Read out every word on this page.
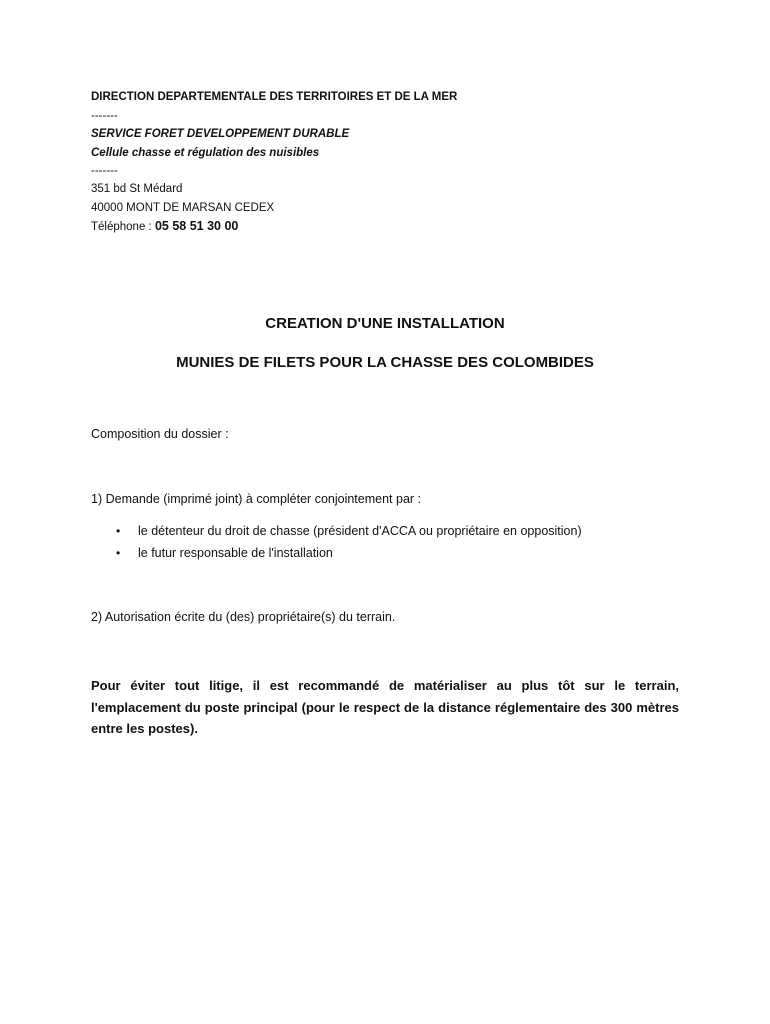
DIRECTION DEPARTEMENTALE DES TERRITOIRES ET DE LA MER
-------
SERVICE FORET DEVELOPPEMENT DURABLE
Cellule chasse et régulation des nuisibles
-------
351 bd St Médard
40000 MONT DE MARSAN CEDEX
Téléphone : 05 58 51 30 00
CREATION D'UNE INSTALLATION
MUNIES DE FILETS POUR LA CHASSE DES COLOMBIDES
Composition du dossier :
1) Demande (imprimé joint) à compléter conjointement par :
• le détenteur du droit de chasse (président d'ACCA ou propriétaire en opposition)
• le futur responsable de l'installation
2) Autorisation écrite du (des) propriétaire(s) du terrain.
Pour éviter tout litige, il est recommandé de matérialiser au plus tôt sur le terrain, l'emplacement du poste principal (pour le respect de la distance réglementaire des 300 mètres entre les postes).
